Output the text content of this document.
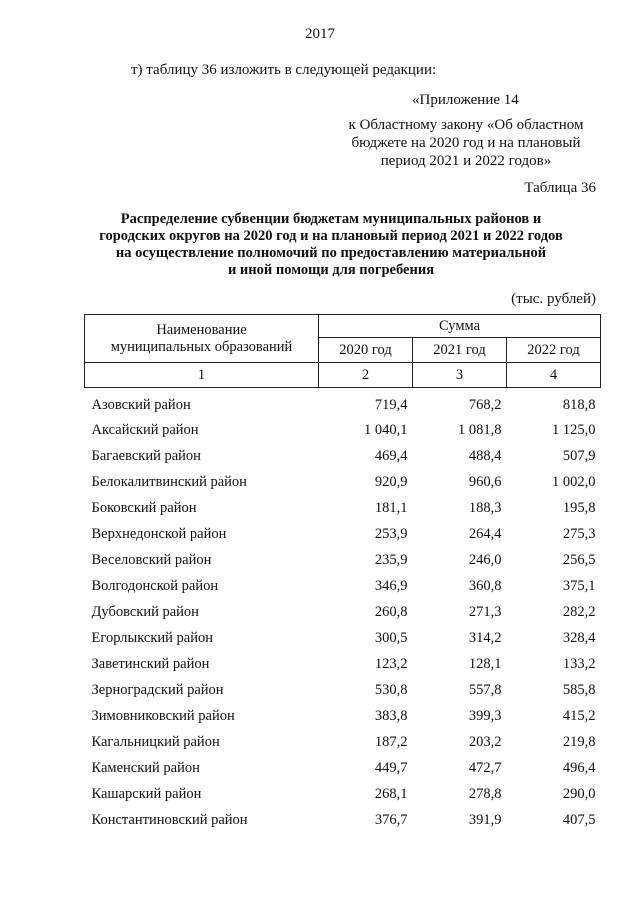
2017
т) таблицу 36 изложить в следующей редакции:
«Приложение 14
к Областному закону «Об областном
бюджете на 2020 год и на плановый
период 2021 и 2022 годов»
Таблица 36
Распределение субвенции бюджетам муниципальных районов и
городских округов на 2020 год и на плановый период 2021 и 2022 годов
на осуществление полномочий по предоставлению материальной
и иной помощи для погребения
(тыс. рублей)
Наименование
муниципальных образований	Сумма		
	2020 год	2021 год	2022 год
1	2	3	4
Азовский район	719,4	768,2	818,8
Аксайский район	1 040,1	1 081,8	1 125,0
Багаевский район	469,4	488,4	507,9
Белокалитвинский район	920,9	960,6	1 002,0
Боковский район	181,1	188,3	195,8
Верхнедонской район	253,9	264,4	275,3
Веселовский район	235,9	246,0	256,5
Волгодонской район	346,9	360,8	375,1
Дубовский район	260,8	271,3	282,2
Егорлыкский район	300,5	314,2	328,4
Заветинский район	123,2	128,1	133,2
Зерноградский район	530,8	557,8	585,8
Зимовниковский район	383,8	399,3	415,2
Кагальницкий район	187,2	203,2	219,8
Каменский район	449,7	472,7	496,4
Кашарский район	268,1	278,8	290,0
Константиновский район	376,7	391,9	407,5
